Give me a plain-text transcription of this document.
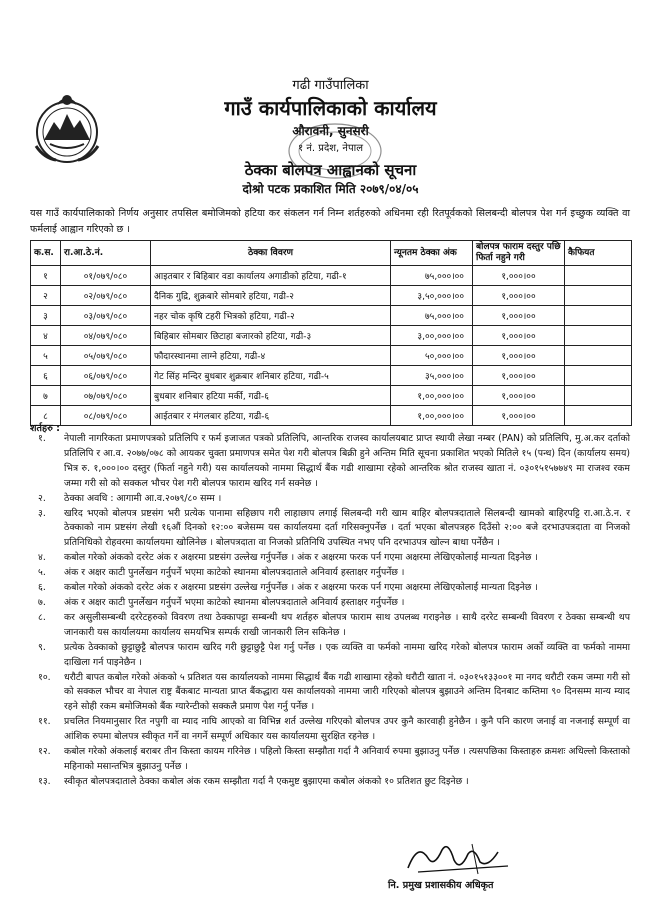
गढी गाउँपालिका
गाउँ कार्यपालिकाको कार्यालय
औरावनी, सुनसरी
१ नं. प्रदेश, नेपाल
ठेक्का बोलपत्र आह्वानको सूचना
दोश्रो पटक प्रकाशित मिति २०७९/०४/०५
यस गाउँ कार्यपालिकाको निर्णय अनुसार तपसिल बमोजिमको हटिया कर संकलन गर्न निम्न शर्तहरुको अधिनमा रही रितपूर्वकको सिलबन्दी बोलपत्र पेश गर्न इच्छुक व्यक्ति वा फर्मलाई आह्वान गरिएको छ ।
क.स.	रा.आ.ठे.नं.	ठेक्का विवरण	न्यूनतम ठेक्का अंक	बोलपत्र फाराम दस्तुर पछि फिर्ता नहुने गरी	कैफियत
१	०१/०७९/०८०	आइतबार र बिहिबार वडा कार्यालय अगाडीको हटिया, गढी-१	७५,०००।००	१,०००।००	
२	०२/०७९/०८०	दैनिक गुद्रि, शुक्रबारे सोमबारे हटिया, गढी-२	३,५०,०००।००	१,०००।००	
३	०३/०७९/०८०	नहर चोक कृषि टहरी भित्रको हटिया, गढी-२	७५,०००।००	१,०००।००	
४	०४/०७९/०८०	बिहिबार सोमबार छिटाहा बजारको हटिया, गढी-३	३,००,०००।००	१,०००।००	
५	०५/०७९/०८०	फौदारस्थानमा लाग्ने हटिया, गढी-४	५०,०००।००	१,०००।००	
६	०६/०७९/०८०	गेट सिंह मन्दिर बुधबार शुक्रबार शनिबार हटिया, गढी-५	३५,०००।००	१,०००।००	
७	०७/०७९/०८०	बुधबार शनिबार हटिया मर्की, गढी-६	१,००,०००।००	१,०००।००	
८	०८/०७९/०८०	आईतबार र मंगलबार हटिया, गढी-६	१,००,०००।००	१,०००।००	
शर्तहरु :
१.	नेपाली नागरिकता प्रमाणपत्रको प्रतिलिपि र फर्म इजाजत पत्रको प्रतिलिपि, आन्तरिक राजस्व कार्यालयबाट प्राप्त स्थायी लेखा नम्बर (PAN) को प्रतिलिपि, मु.अ.कर दर्ताको प्रतिलिपि र आ.व. २०७७/०७८ को आयकर चुक्ता प्रमाणपत्र समेत पेश गरी बोलपत्र बिक्री हुने अन्तिम मिति सूचना प्रकाशित भएको मितिले १५ (पन्ध) दिन (कार्यालय समय) भित्र रु. १,०००।०० दस्तुर (फिर्ता नहुने गरी) यस कार्यालयको नाममा सिद्धार्थ बैंक गढी शाखामा रहेको आन्तरिक श्रोत राजस्व खाता नं. ०३०१५१५७७४९ मा राजश्व रकम जम्मा गरी सो को सक्कल भौचर पेश गरी बोलपत्र फाराम खरिद गर्न सक्नेछ ।
२.	ठेक्का अवधि : आगामी आ.व.२०७९/८० सम्म ।
३.	खरिद भएको बोलपत्र प्रष्टसंग भरी प्रत्येक पानामा सहिछाप गरी लाहाछाप लगाई सिलबन्दी गरी खाम बाहिर बोलपत्रदाताले सिलबन्दी खामको बाहिरपट्टि रा.आ.ठे.न. र ठेक्काको नाम प्रष्टसंग लेखी १६औं दिनको १२:०० बजेसम्म यस कार्यालयमा दर्ता गरिसक्नुपर्नेछ । दर्ता भएका बोलपत्रहरु दिउँसो २:०० बजे दरभाउपत्रदाता वा निजको प्रतिनिधिको रोहवरमा कार्यालयमा खोलिनेछ । बोलपत्रदाता वा निजको प्रतिनिधि उपस्थित नभए पनि दरभाउपत्र खोल्न बाधा पर्नेछैन ।
४.	कबोल गरेको अंकको दररेट अंक र अक्षरमा प्रष्टसंग उल्लेख गर्नुपर्नेछ । अंक र अक्षरमा फरक पर्न गएमा अक्षरमा लेखिएकोलाई मान्यता दिइनेछ ।
५.	अंक र अक्षर काटी पुनर्लेखन गर्नुपर्ने भएमा काटेको स्थानमा बोलपत्रदाताले अनिवार्य हस्ताक्षर गर्नुपर्नेछ ।
६.	कबोल गरेको अंकको दररेट अंक र अक्षरमा प्रष्टसंग उल्लेख गर्नुपर्नेछ । अंक र अक्षरमा फरक पर्न गएमा अक्षरमा लेखिएकोलाई मान्यता दिइनेछ ।
७.	अंक र अक्षर काटी पुनर्लेखन गर्नुपर्ने भएमा काटेको स्थानमा बोलपत्रदाताले अनिवार्य हस्ताक्षर गर्नुपर्नेछ ।
८.	कर असुलीसम्बन्धी दररेटहरुको विवरण तथा ठेक्कापट्टा सम्बन्धी थप शर्तहरु बोलपत्र फाराम साथ उपलब्ध गराइनेछ । साथै दररेट सम्बन्धी विवरण र ठेक्का सम्बन्धी थप जानकारी यस कार्यालयमा कार्यालय समयभित्र सम्पर्क राखी जानकारी लिन सकिनेछ ।
९.	प्रत्येक ठेक्काको छुट्टाछुट्टै बोलपत्र फाराम खरिद गरी छुट्टाछुट्टै पेश गर्नु पर्नेछ । एक व्यक्ति वा फर्मको नाममा खरिद गरेको बोलपत्र फाराम अर्को व्यक्ति वा फर्मको नाममा दाखिला गर्न पाइनेछैन ।
१०.	धरौटी बापत कबोल गरेको अंकको ५ प्रतिशत यस कार्यालयको नाममा सिद्धार्थ बैंक गढी शाखामा रहेको धरौटी खाता नं. ०३०१५१३३००१ मा नगद धरौटी रकम जम्मा गरी सो को सक्कल भौचर वा नेपाल राष्ट्र बैंकबाट मान्यता प्राप्त बैंकद्धारा यस कार्यालयको नाममा जारी गरिएको बोलपत्र बुझाउने अन्तिम दिनबाट कम्तिमा ९० दिनसम्म मान्य म्याद रहने सोही रकम बमोजिमको बैंक ग्यारेन्टीको सक्कलै प्रमाण पेश गर्नु पर्नेछ ।
११.	प्रचलित नियमानुसार रित नपुगी वा म्याद नाघि आएको वा विभिन्न शर्त उल्लेख गरिएको बोलपत्र उपर कुनै कारवाही हुनेछैन । कुनै पनि कारण जनाई वा नजनाई सम्पूर्ण वा आंशिक रुपमा बोलपत्र स्वीकृत गर्ने वा नगर्ने सम्पूर्ण अधिकार यस कार्यालयमा सुरक्षित रहनेछ ।
१२.	कबोल गरेको अंकलाई बराबर तीन किस्ता कायम गरिनेछ । पहिलो किस्ता सम्झौता गर्दा नै अनिवार्य रुपमा बुझाउनु पर्नेछ । त्यसपछिका किस्ताहरु क्रमशः अधिल्लो किस्ताको महिनाको मसान्तभित्र बुझाउनु पर्नेछ ।
१३.	स्वीकृत बोलपत्रदाताले ठेक्का कबोल अंक रकम सम्झौता गर्दा नै एकमुष्ट बुझाएमा कबोल अंकको १० प्रतिशत छुट दिइनेछ ।
नि. प्रमुख प्रशासकीय अधिकृत
